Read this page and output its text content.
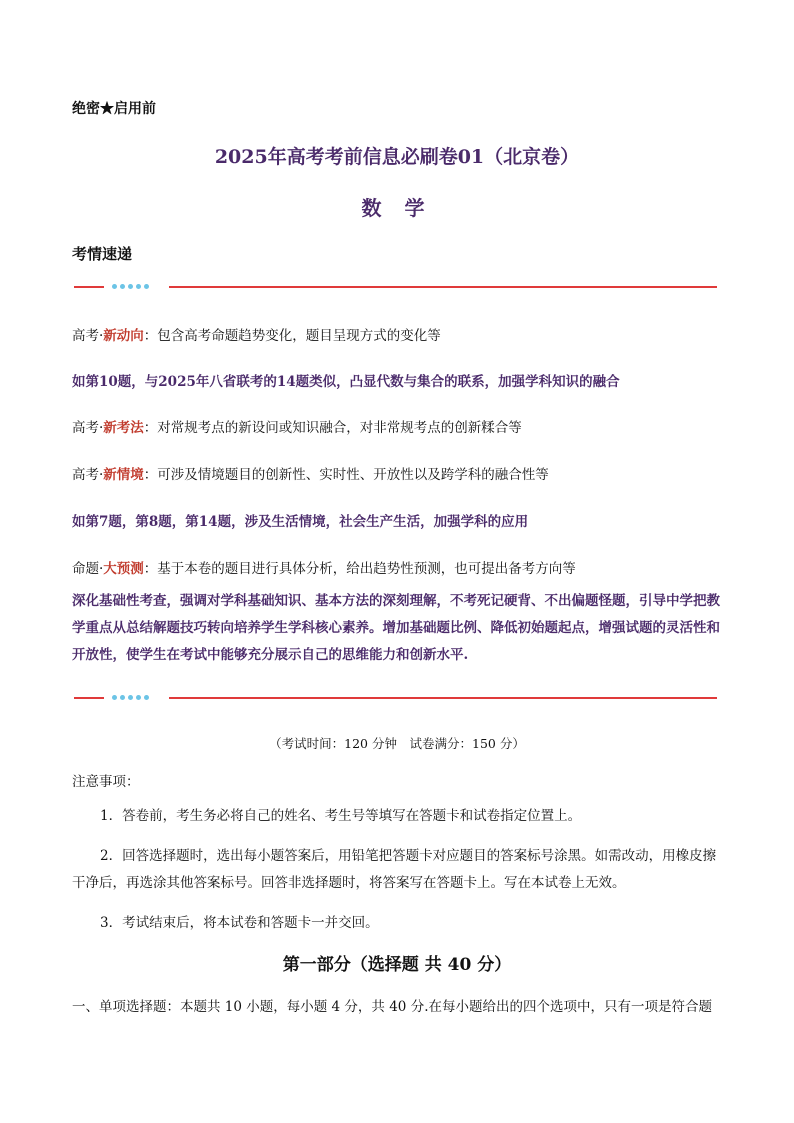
绝密★启用前
2025年高考考前信息必刷卷01（北京卷）
数 学
考情速递
高考·新动向：包含高考命题趋势变化，题目呈现方式的变化等
如第10题，与2025年八省联考的14题类似，凸显代数与集合的联系，加强学科知识的融合
高考·新考法：对常规考点的新设问或知识融合，对非常规考点的创新糅合等
高考·新情境：可涉及情境题目的创新性、实时性、开放性以及跨学科的融合性等
如第7题，第8题，第14题，涉及生活情境，社会生产生活，加强学科的应用
命题·大预测：基于本卷的题目进行具体分析，给出趋势性预测，也可提出备考方向等
深化基础性考查，强调对学科基础知识、基本方法的深刻理解，不考死记硬背、不出偏题怪题，引导中学把教学重点从总结解题技巧转向培养学生学科核心素养。增加基础题比例、降低初始题起点，增强试题的灵活性和开放性，使学生在考试中能够充分展示自己的思维能力和创新水平.
（考试时间：120 分钟　试卷满分：150 分）
注意事项：
1．答卷前，考生务必将自己的姓名、考生号等填写在答题卡和试卷指定位置上。
2．回答选择题时，选出每小题答案后，用铅笔把答题卡对应题目的答案标号涂黑。如需改动，用橡皮擦干净后，再选涂其他答案标号。回答非选择题时，将答案写在答题卡上。写在本试卷上无效。
3．考试结束后，将本试卷和答题卡一并交回。
第一部分（选择题 共 40 分）
一、单项选择题：本题共 10 小题，每小题 4 分，共 40 分.在每小题给出的四个选项中，只有一项是符合题
